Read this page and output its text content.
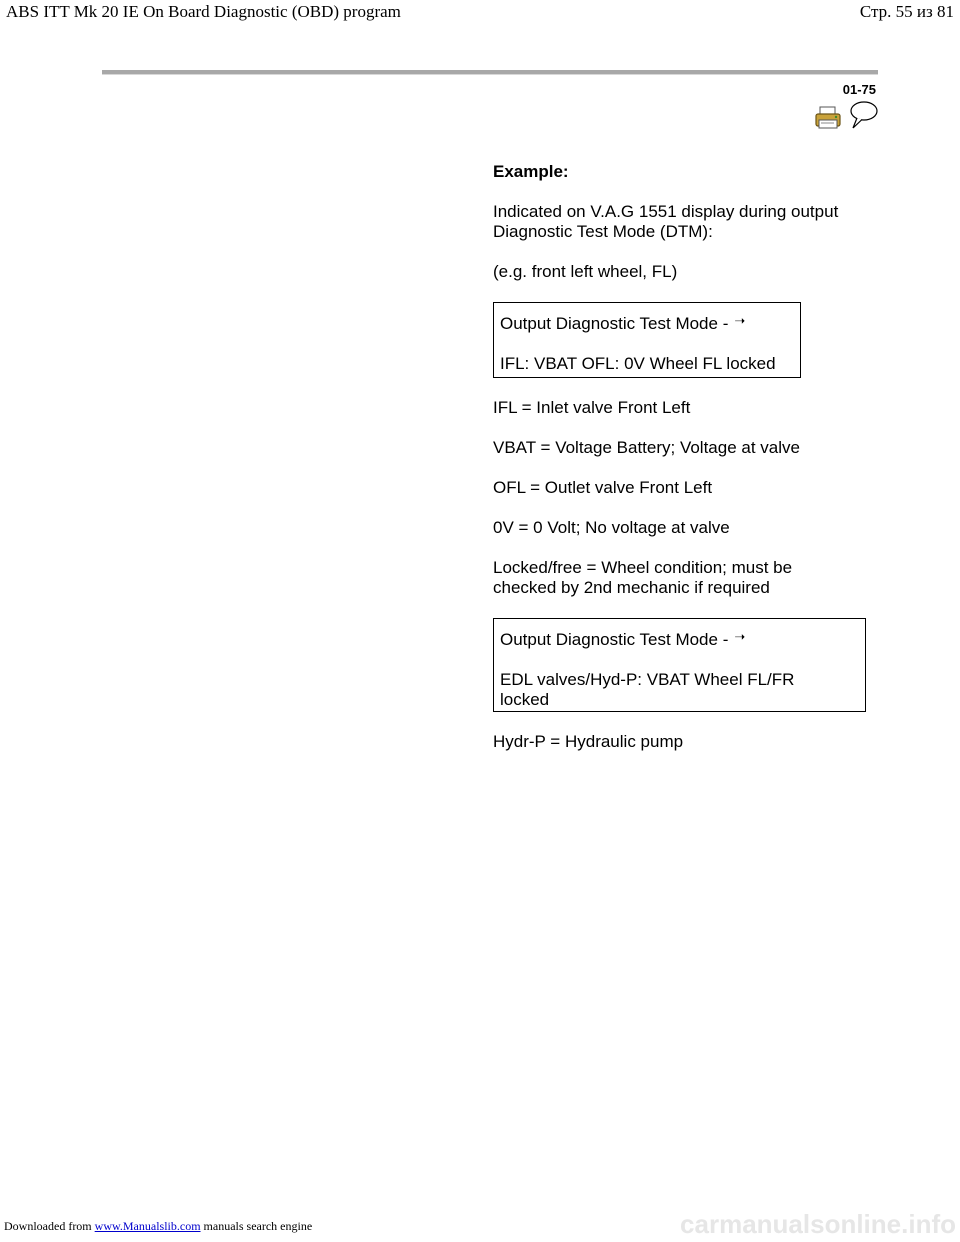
ABS ITT Mk 20 IE On Board Diagnostic (OBD) program	Стр. 55 из 81
01-75

Example:

Indicated on V.A.G 1551 display during output

Diagnostic Test Mode (DTM):

(e.g. front left wheel, FL)

Output Diagnostic Test Mode - ➝

IFL: VBAT OFL: 0V Wheel FL locked

IFL = Inlet valve Front Left

VBAT = Voltage Battery; Voltage at valve

OFL = Outlet valve Front Left

0V = 0 Volt; No voltage at valve

Locked/free = Wheel condition; must be

checked by 2nd mechanic if required

Output Diagnostic Test Mode - ➝

EDL valves/Hyd-P: VBAT Wheel FL/FR

locked

Hydr-P = Hydraulic pump

Downloaded from www.Manualslib.com manuals search engine	carmanualsonline.info
